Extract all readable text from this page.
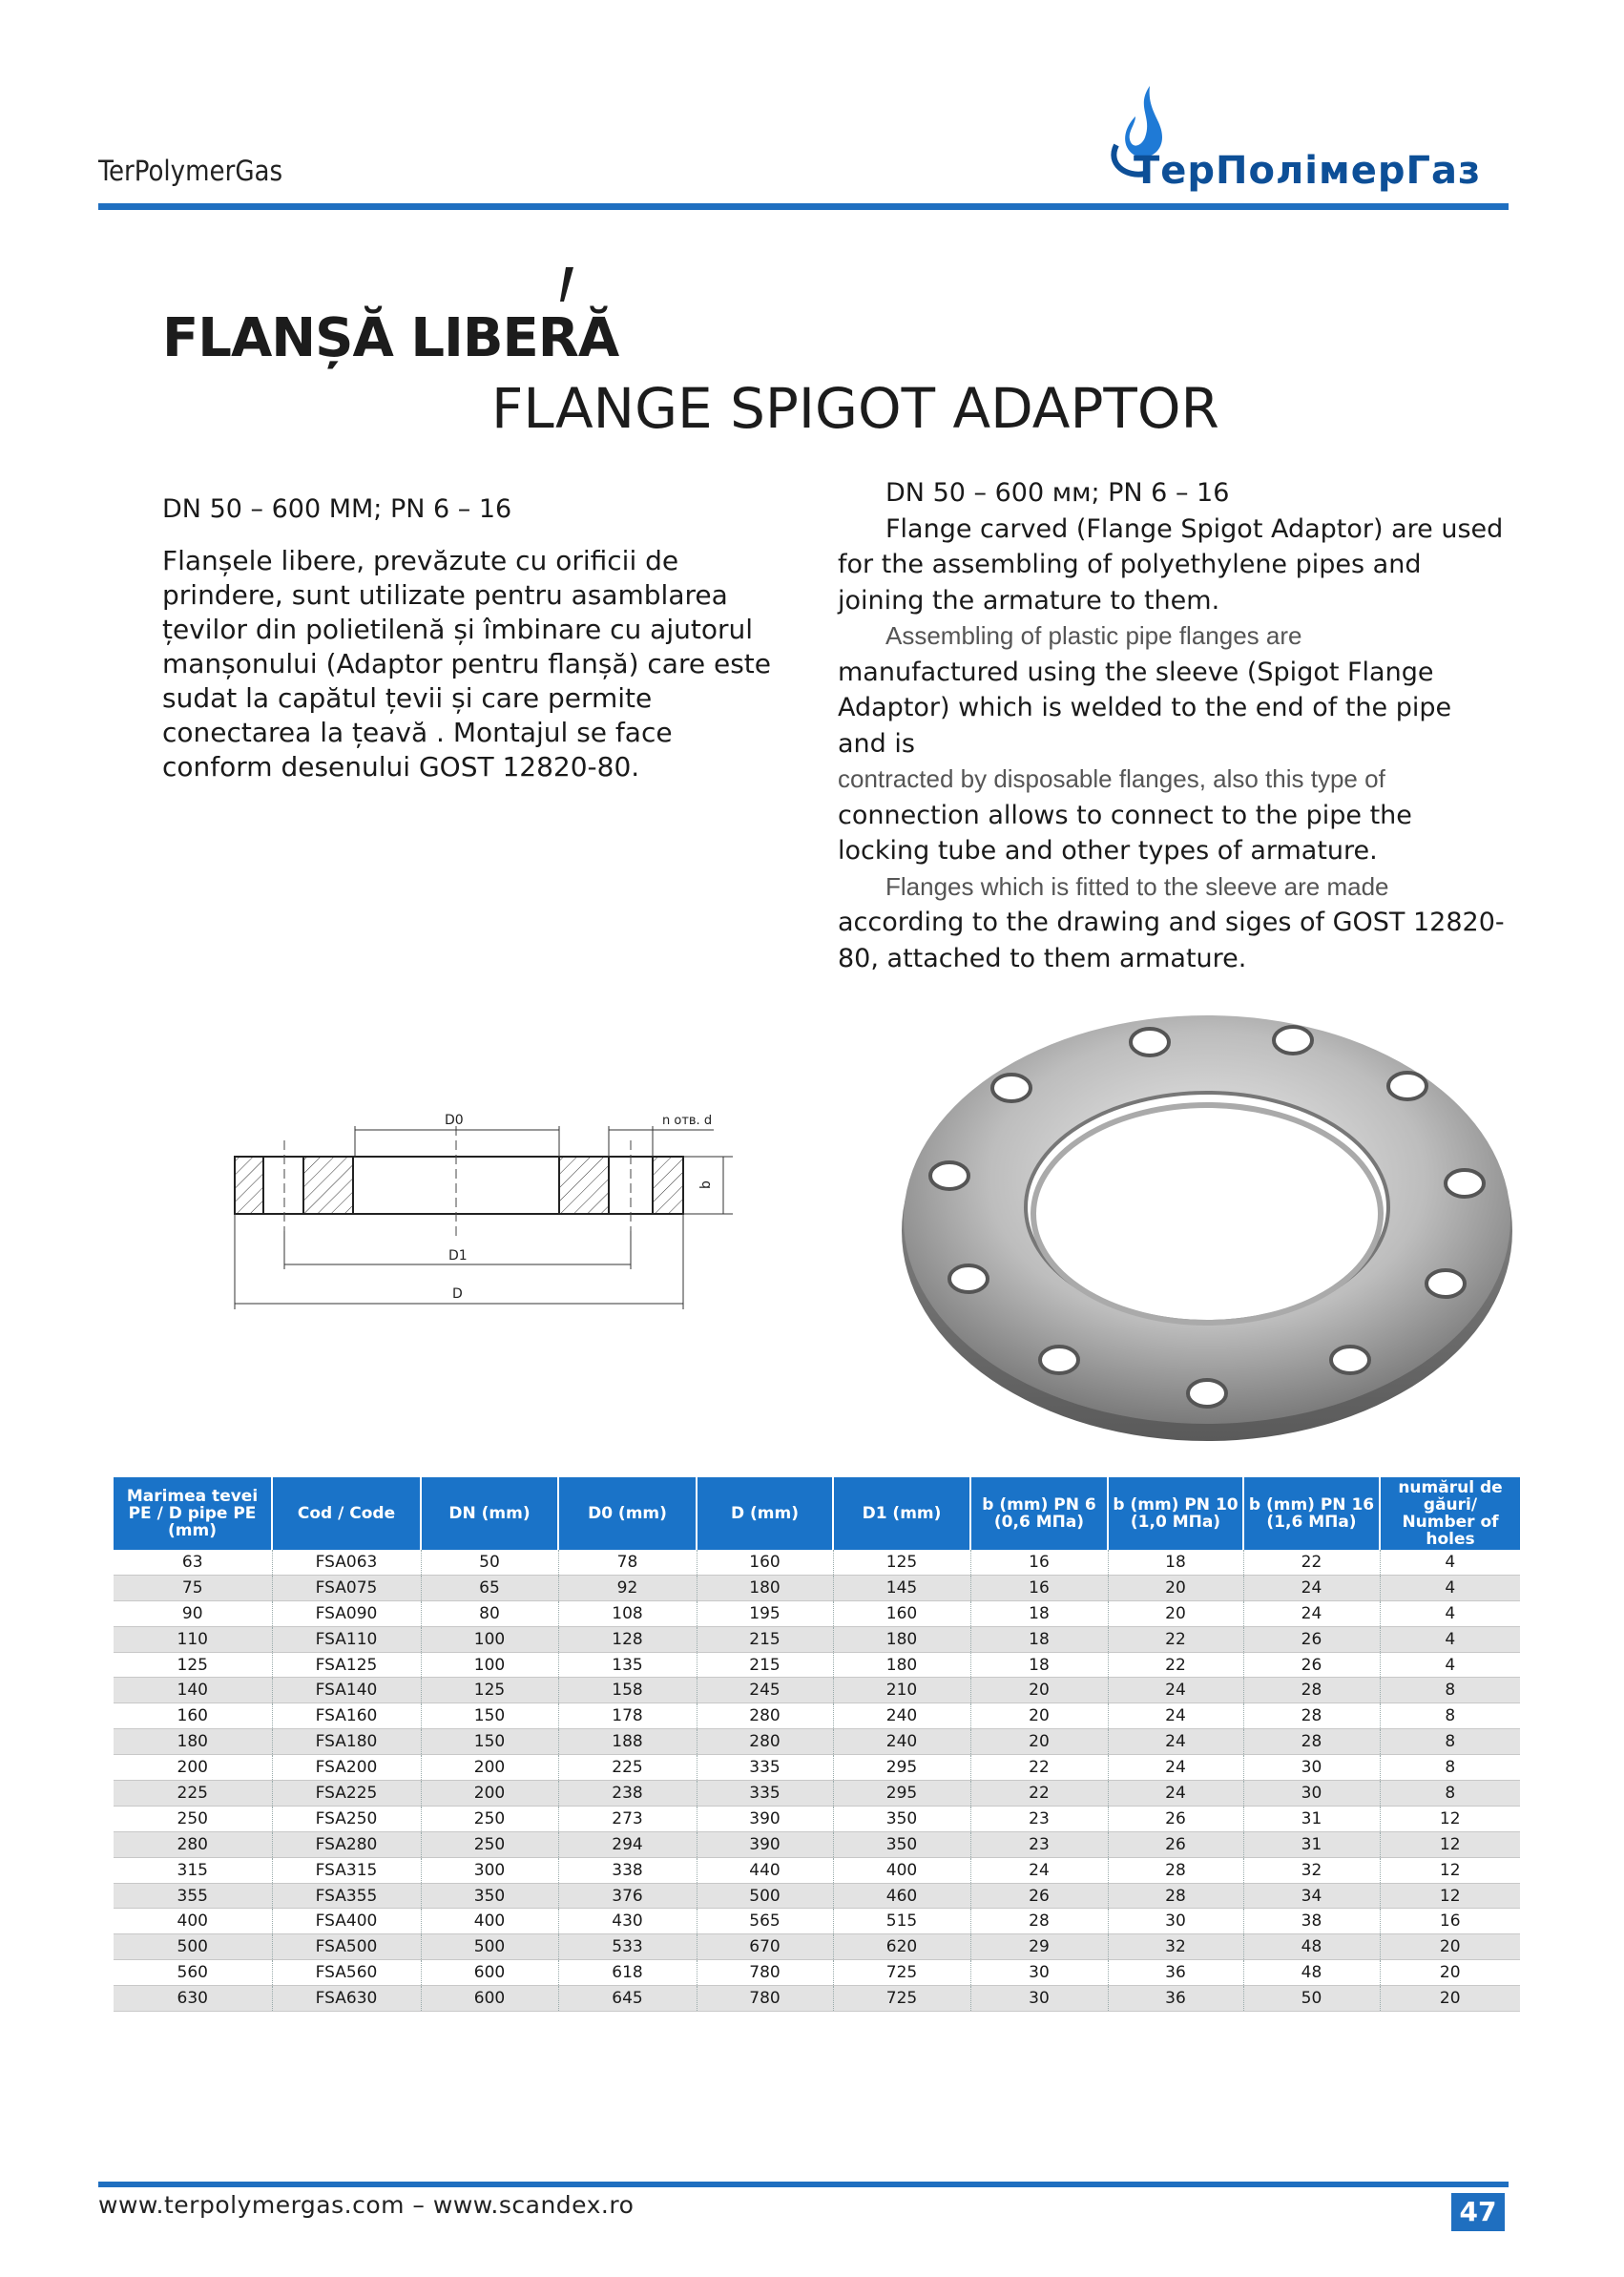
TerPolymerGas	ТерПолімерГаз
FLANȘĂ LIBERĂ
FLANGE SPIGOT ADAPTOR
DN 50 – 600 MM; PN 6 – 16
Flanșele libere, prevăzute cu orificii de prindere, sunt utilizate pentru asamblarea țevilor din polietilenă și îmbinare cu ajutorul manșonului (Adaptor pentru flanșă) care este sudat la capătul țevii și care permite conectarea la țeavă . Montajul se face conform desenului GOST 12820-80.

DN 50 – 600 мм; PN 6 – 16

Flange carved (Flange Spigot Adaptor) are used for the assembling of polyethylene pipes and joining the armature to them.

Assembling of plastic pipe flanges are

manufactured using the sleeve (Spigot Flange Adaptor) which is welded to the end of the pipe and is

contracted by disposable flanges, also this type of

connection allows to connect to the pipe the locking tube and other types of armature.

Flanges which is fitted to the sleeve are made

according to the drawing and siges of GOST 12820-80, attached to them armature.

D0	n отв. d
b
D1
D
Marimea tevei PE / D pipe PE (mm)	Cod / Code	DN (mm)	D0 (mm)	D (mm)	D1 (mm)	b (mm) PN 6 (0,6 МПа)	b (mm) PN 10 (1,0 МПа)	b (mm) PN 16 (1,6 МПа)	numărul de găuri/ Number of holes
63	FSA063	50	78	160	125	16	18	22	4
75	FSA075	65	92	180	145	16	20	24	4
90	FSA090	80	108	195	160	18	20	24	4
110	FSA110	100	128	215	180	18	22	26	4
125	FSA125	100	135	215	180	18	22	26	4
140	FSA140	125	158	245	210	20	24	28	8
160	FSA160	150	178	280	240	20	24	28	8
180	FSA180	150	188	280	240	20	24	28	8
200	FSA200	200	225	335	295	22	24	30	8
225	FSA225	200	238	335	295	22	24	30	8
250	FSA250	250	273	390	350	23	26	31	12
280	FSA280	250	294	390	350	23	26	31	12
315	FSA315	300	338	440	400	24	28	32	12
355	FSA355	350	376	500	460	26	28	34	12
400	FSA400	400	430	565	515	28	30	38	16
500	FSA500	500	533	670	620	29	32	48	20
560	FSA560	600	618	780	725	30	36	48	20
630	FSA630	600	645	780	725	30	36	50	20
www.terpolymergas.com – www.scandex.ro	47
